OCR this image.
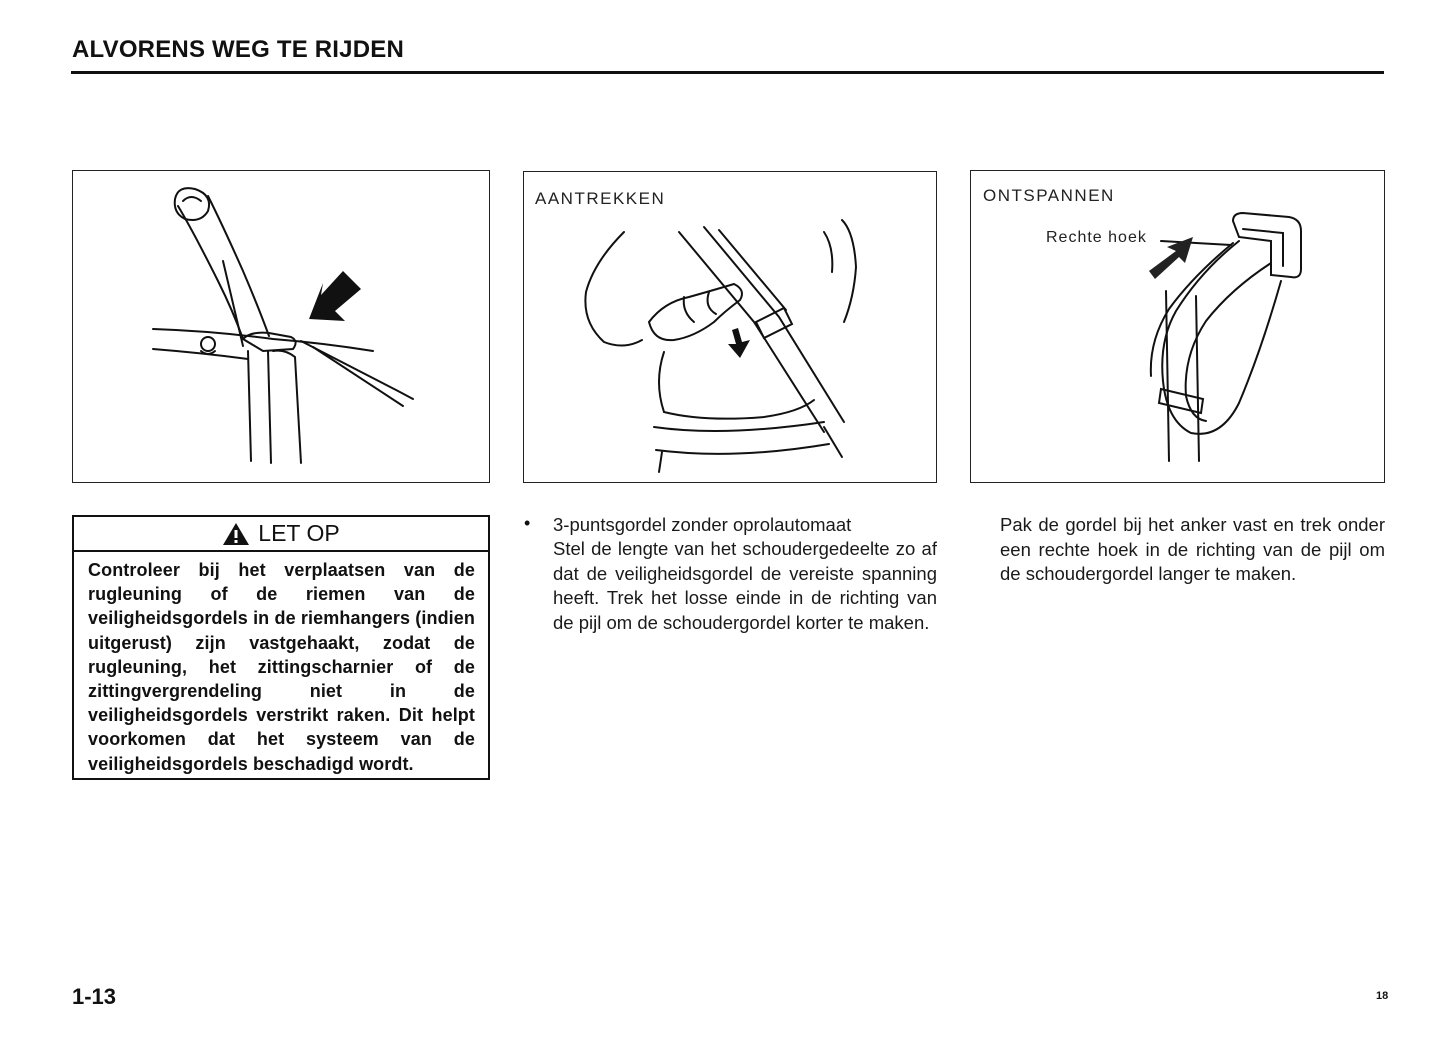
ALVORENS WEG TE RIJDEN
AANTREKKEN	ONTSPANNEN
Rechte hoek
LET OP
Controleer bij het verplaatsen van de rugleuning of de riemen van de veiligheidsgordels in de riemhangers (indien uitgerust) zijn vastgehaakt, zodat de rugleuning, het zittingscharnier of de zittingvergrendeling niet in de veiligheidsgordels verstrikt raken. Dit helpt voorkomen dat het systeem van de veiligheidsgordels beschadigd wordt.
• 3-puntsgordel zonder oprolautomaat
Stel de lengte van het schoudergedeelte zo af dat de veiligheidsgordel de vereiste spanning heeft. Trek het losse einde in de richting van de pijl om de schoudergordel korter te maken.
Pak de gordel bij het anker vast en trek onder een rechte hoek in de richting van de pijl om de schoudergordel langer te maken.
1-13	18
